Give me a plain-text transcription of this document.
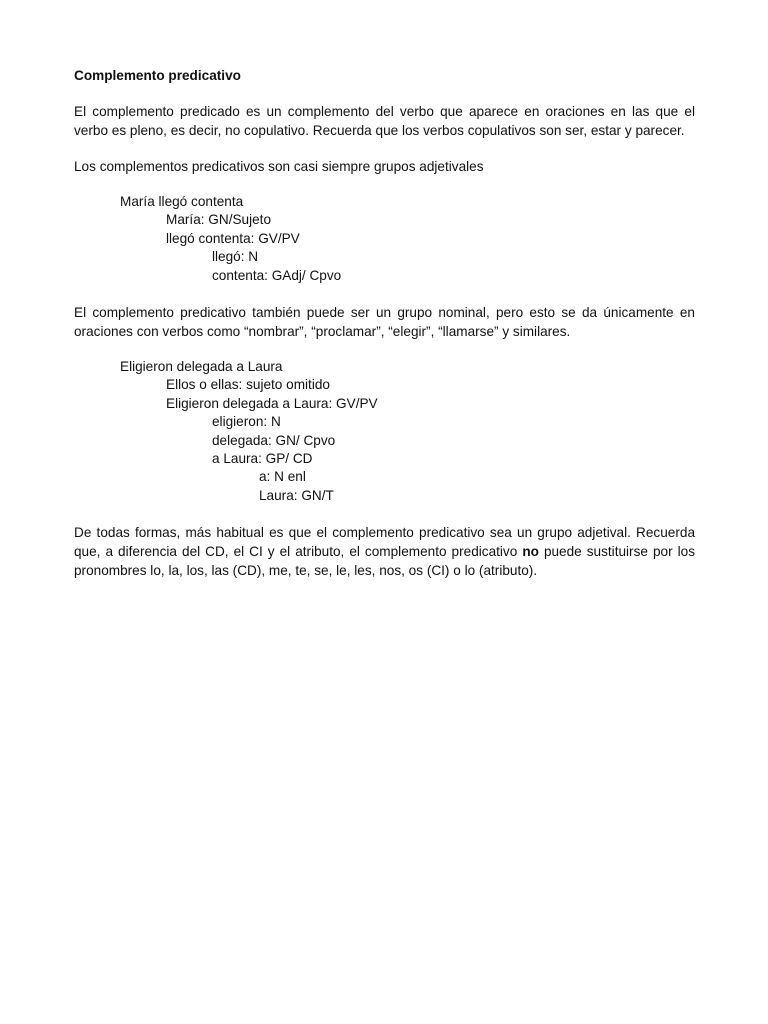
Complemento predicativo

El complemento predicado es un complemento del verbo que aparece en oraciones en las que el verbo es pleno, es decir, no copulativo. Recuerda que los verbos copulativos son ser, estar y parecer.

Los complementos predicativos son casi siempre grupos adjetivales

María llegó contenta
María: GN/Sujeto
llegó contenta: GV/PV
llegó: N
contenta: GAdj/ Cpvo

El complemento predicativo también puede ser un grupo nominal, pero esto se da únicamente en oraciones con verbos como “nombrar”, “proclamar”, “elegir”, “llamarse” y similares.

Eligieron delegada a Laura
Ellos o ellas: sujeto omitido
Eligieron delegada a Laura: GV/PV
eligieron: N
delegada: GN/ Cpvo
a Laura: GP/ CD
a: N enl
Laura: GN/T

De todas formas, más habitual es que el complemento predicativo sea un grupo adjetival. Recuerda que, a diferencia del CD, el CI y el atributo, el complemento predicativo no puede sustituirse por los pronombres lo, la, los, las (CD), me, te, se, le, les, nos, os (CI) o lo (atributo).
